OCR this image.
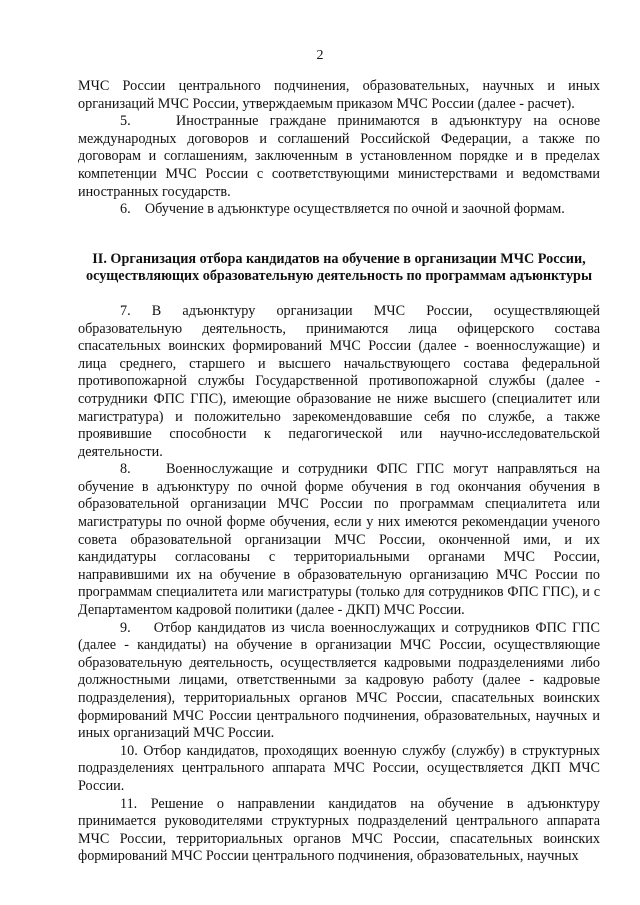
2

МЧС России центрального подчинения, образовательных, научных и иных организаций МЧС России, утверждаемым приказом МЧС России (далее - расчет).

5.    Иностранные граждане принимаются в адъюнктуру на основе международных договоров и соглашений Российской Федерации, а также по договорам и соглашениям, заключенным в установленном порядке и в пределах компетенции МЧС России с соответствующими министерствами и ведомствами иностранных государств.

6.    Обучение в адъюнктуре осуществляется по очной и заочной формам.

II. Организация отбора кандидатов на обучение в организации МЧС России, осуществляющих образовательную деятельность по программам адъюнктуры

7. В адъюнктуру организации МЧС России, осуществляющей образовательную деятельность, принимаются лица офицерского состава спасательных воинских формирований МЧС России (далее - военнослужащие) и лица среднего, старшего и высшего начальствующего состава федеральной противопожарной службы Государственной противопожарной службы (далее - сотрудники ФПС ГПС), имеющие образование не ниже высшего (специалитет или магистратура) и положительно зарекомендовавшие себя по службе, а также проявившие способности к педагогической или научно-исследовательской деятельности.

8.    Военнослужащие и сотрудники ФПС ГПС могут направляться на обучение в адъюнктуру по очной форме обучения в год окончания обучения в образовательной организации МЧС России по программам специалитета или магистратуры по очной форме обучения, если у них имеются рекомендации ученого совета образовательной организации МЧС России, оконченной ими, и их кандидатуры согласованы с территориальными органами МЧС России, направившими их на обучение в образовательную организацию МЧС России по программам специалитета или магистратуры (только для сотрудников ФПС ГПС), и с Департаментом кадровой политики (далее - ДКП) МЧС России.

9.    Отбор кандидатов из числа военнослужащих и сотрудников ФПС ГПС (далее - кандидаты) на обучение в организации МЧС России, осуществляющие образовательную деятельность, осуществляется кадровыми подразделениями либо должностными лицами, ответственными за кадровую работу (далее - кадровые подразделения), территориальных органов МЧС России, спасательных воинских формирований МЧС России центрального подчинения, образовательных, научных и иных организаций МЧС России.

10. Отбор кандидатов, проходящих военную службу (службу) в структурных подразделениях центрального аппарата МЧС России, осуществляется ДКП МЧС России.

11. Решение о направлении кандидатов на обучение в адъюнктуру принимается руководителями структурных подразделений центрального аппарата МЧС России, территориальных органов МЧС России, спасательных воинских формирований МЧС России центрального подчинения, образовательных, научных
